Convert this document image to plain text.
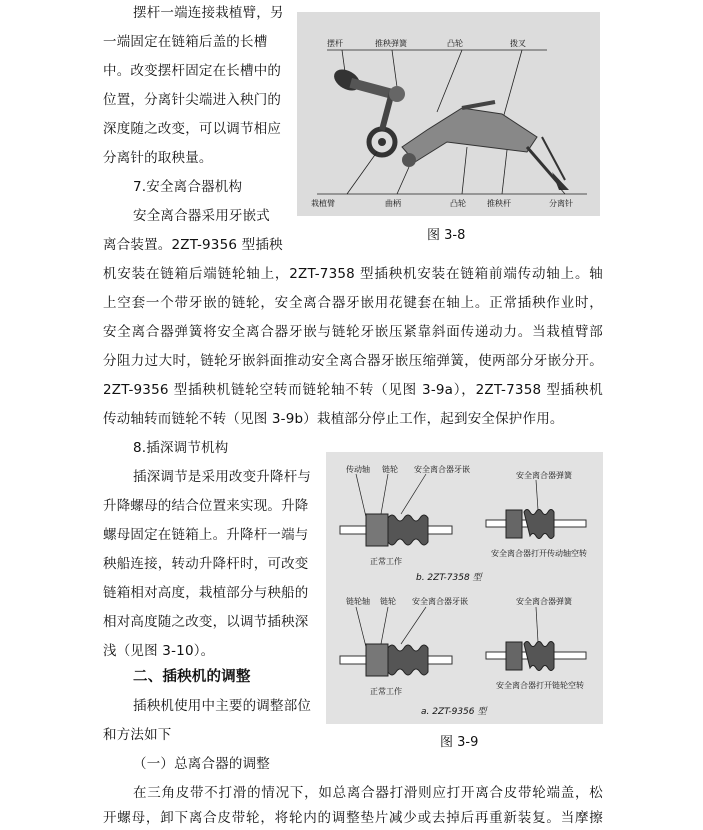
摆杆一端连接栽植臂，另
一端固定在链箱后盖的长槽
中。改变摆杆固定在长槽中的
位置，分离针尖端进入秧门的
深度随之改变，可以调节相应
分离针的取秧量。
7.安全离合器机构
安全离合器采用牙嵌式
离合装置。2ZT-9356 型插秧
机安装在链箱后端链轮轴上，2ZT-7358 型插秧机安装在链箱前端传动轴上。轴
上空套一个带牙嵌的链轮，安全离合器牙嵌用花键套在轴上。正常插秧作业时，
安全离合器弹簧将安全离合器牙嵌与链轮牙嵌压紧靠斜面传递动力。当栽植臂部
分阻力过大时，链轮牙嵌斜面推动安全离合器牙嵌压缩弹簧，使两部分牙嵌分开。
2ZT-9356 型插秧机链轮空转而链轮轴不转（见图 3-9a），2ZT-7358 型插秧机
传动轴转而链轮不转（见图 3-9b）栽植部分停止工作，起到安全保护作用。
8.插深调节机构
插深调节是采用改变升降杆与
升降螺母的结合位置来实现。升降
螺母固定在链箱上。升降杆一端与
秧船连接，转动升降杆时，可改变
链箱相对高度，栽植部分与秧船的
相对高度随之改变，以调节插秧深
浅（见图 3-10）。
二、插秧机的调整
插秧机使用中主要的调整部位
和方法如下
（一）总离合器的调整
在三角皮带不打滑的情况下，如总离合器打滑则应打开离合皮带轮端盖，松
开螺母，卸下离合皮带轮，将轮内的调整垫片减少或去掉后再重新装复。当摩擦
摆杆	推秧弹簧	凸轮	拨叉
栽植臂	曲柄	凸轮	推秧杆	分离针
图 3-8
传动轴 链轮 安全离合器牙嵌
安全离合器弹簧
正常工作
安全离合器打开传动轴空转
b. 2ZT-7358 型
链轮轴 链轮 安全离合器牙嵌	安全离合器弹簧
正常工作
安全离合器打开链轮空转
a. 2ZT-9356 型
图 3-9
